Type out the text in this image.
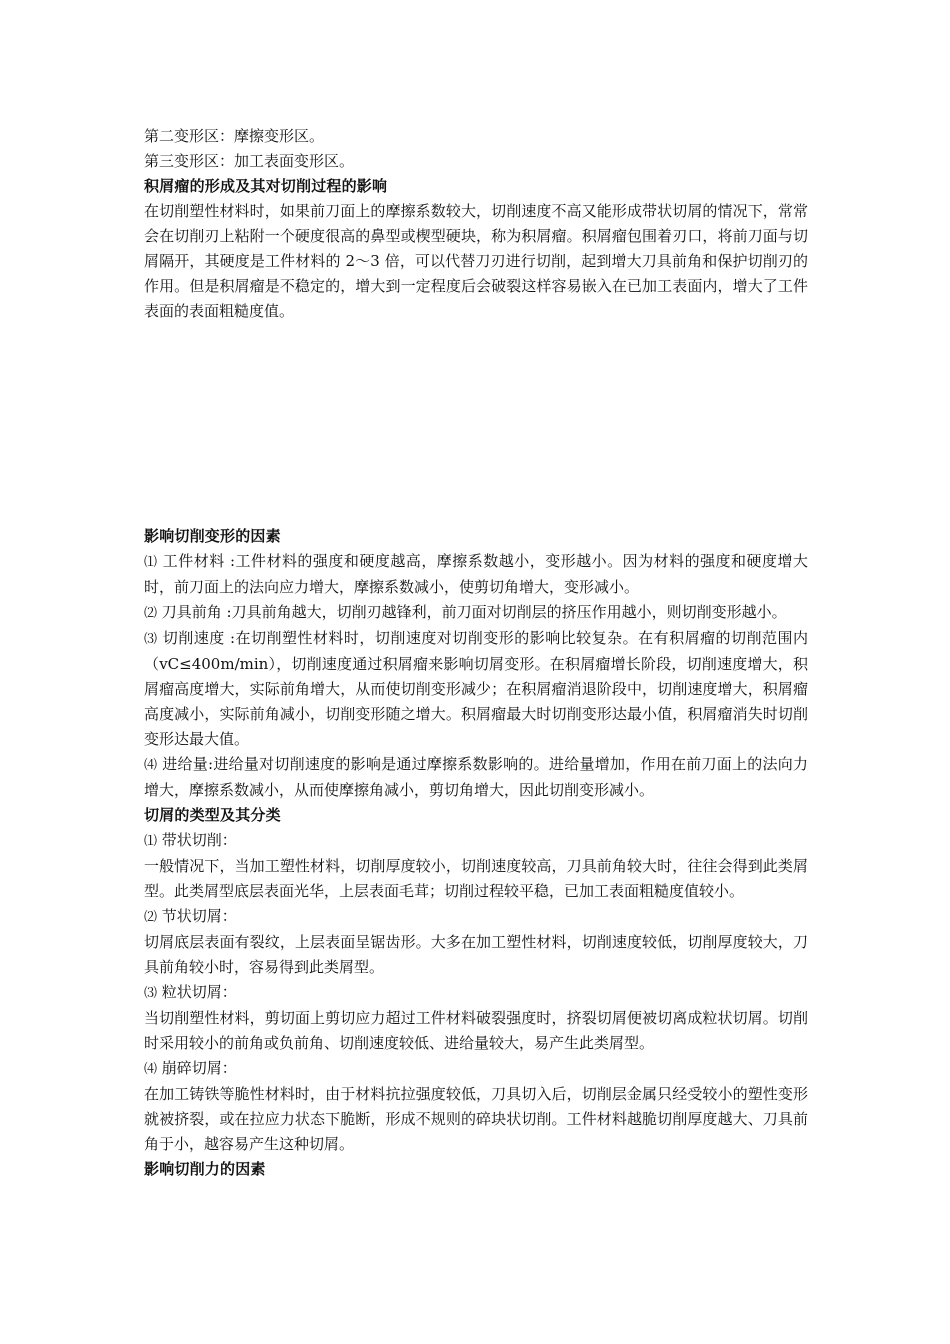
第二变形区：摩擦变形区。

第三变形区：加工表面变形区。

积屑瘤的形成及其对切削过程的影响

在切削塑性材料时，如果前刀面上的摩擦系数较大，切削速度不高又能形成带状切屑的情况下，常常会在切削刃上粘附一个硬度很高的鼻型或楔型硬块，称为积屑瘤。积屑瘤包围着刃口，将前刀面与切屑隔开，其硬度是工件材料的 2～3 倍，可以代替刀刃进行切削，起到增大刀具前角和保护切削刃的作用。但是积屑瘤是不稳定的，增大到一定程度后会破裂这样容易嵌入在已加工表面内，增大了工件表面的表面粗糙度值。

影响切削变形的因素

⑴ 工件材料 :工件材料的强度和硬度越高，摩擦系数越小，变形越小。因为材料的强度和硬度增大时，前刀面上的法向应力增大，摩擦系数减小，使剪切角增大，变形减小。

⑵ 刀具前角 :刀具前角越大，切削刃越锋利，前刀面对切削层的挤压作用越小，则切削变形越小。

⑶ 切削速度 :在切削塑性材料时，切削速度对切削变形的影响比较复杂。在有积屑瘤的切削范围内（vC≤400m/min），切削速度通过积屑瘤来影响切屑变形。在积屑瘤增长阶段，切削速度增大，积屑瘤高度增大，实际前角增大，从而使切削变形减少；在积屑瘤消退阶段中，切削速度增大，积屑瘤高度减小，实际前角减小，切削变形随之增大。积屑瘤最大时切削变形达最小值，积屑瘤消失时切削变形达最大值。

⑷ 进给量:进给量对切削速度的影响是通过摩擦系数影响的。进给量增加，作用在前刀面上的法向力增大，摩擦系数减小，从而使摩擦角减小，剪切角增大，因此切削变形减小。

切屑的类型及其分类

⑴ 带状切削：

一般情况下，当加工塑性材料，切削厚度较小，切削速度较高，刀具前角较大时，往往会得到此类屑型。此类屑型底层表面光华，上层表面毛茸；切削过程较平稳，已加工表面粗糙度值较小。

⑵ 节状切屑：

切屑底层表面有裂纹，上层表面呈锯齿形。大多在加工塑性材料，切削速度较低，切削厚度较大，刀具前角较小时，容易得到此类屑型。

⑶ 粒状切屑：

当切削塑性材料，剪切面上剪切应力超过工件材料破裂强度时，挤裂切屑便被切离成粒状切屑。切削时采用较小的前角或负前角、切削速度较低、进给量较大，易产生此类屑型。

⑷ 崩碎切屑：

在加工铸铁等脆性材料时，由于材料抗拉强度较低，刀具切入后，切削层金属只经受较小的塑性变形就被挤裂，或在拉应力状态下脆断，形成不规则的碎块状切削。工件材料越脆切削厚度越大、刀具前角于小，越容易产生这种切屑。

影响切削力的因素
